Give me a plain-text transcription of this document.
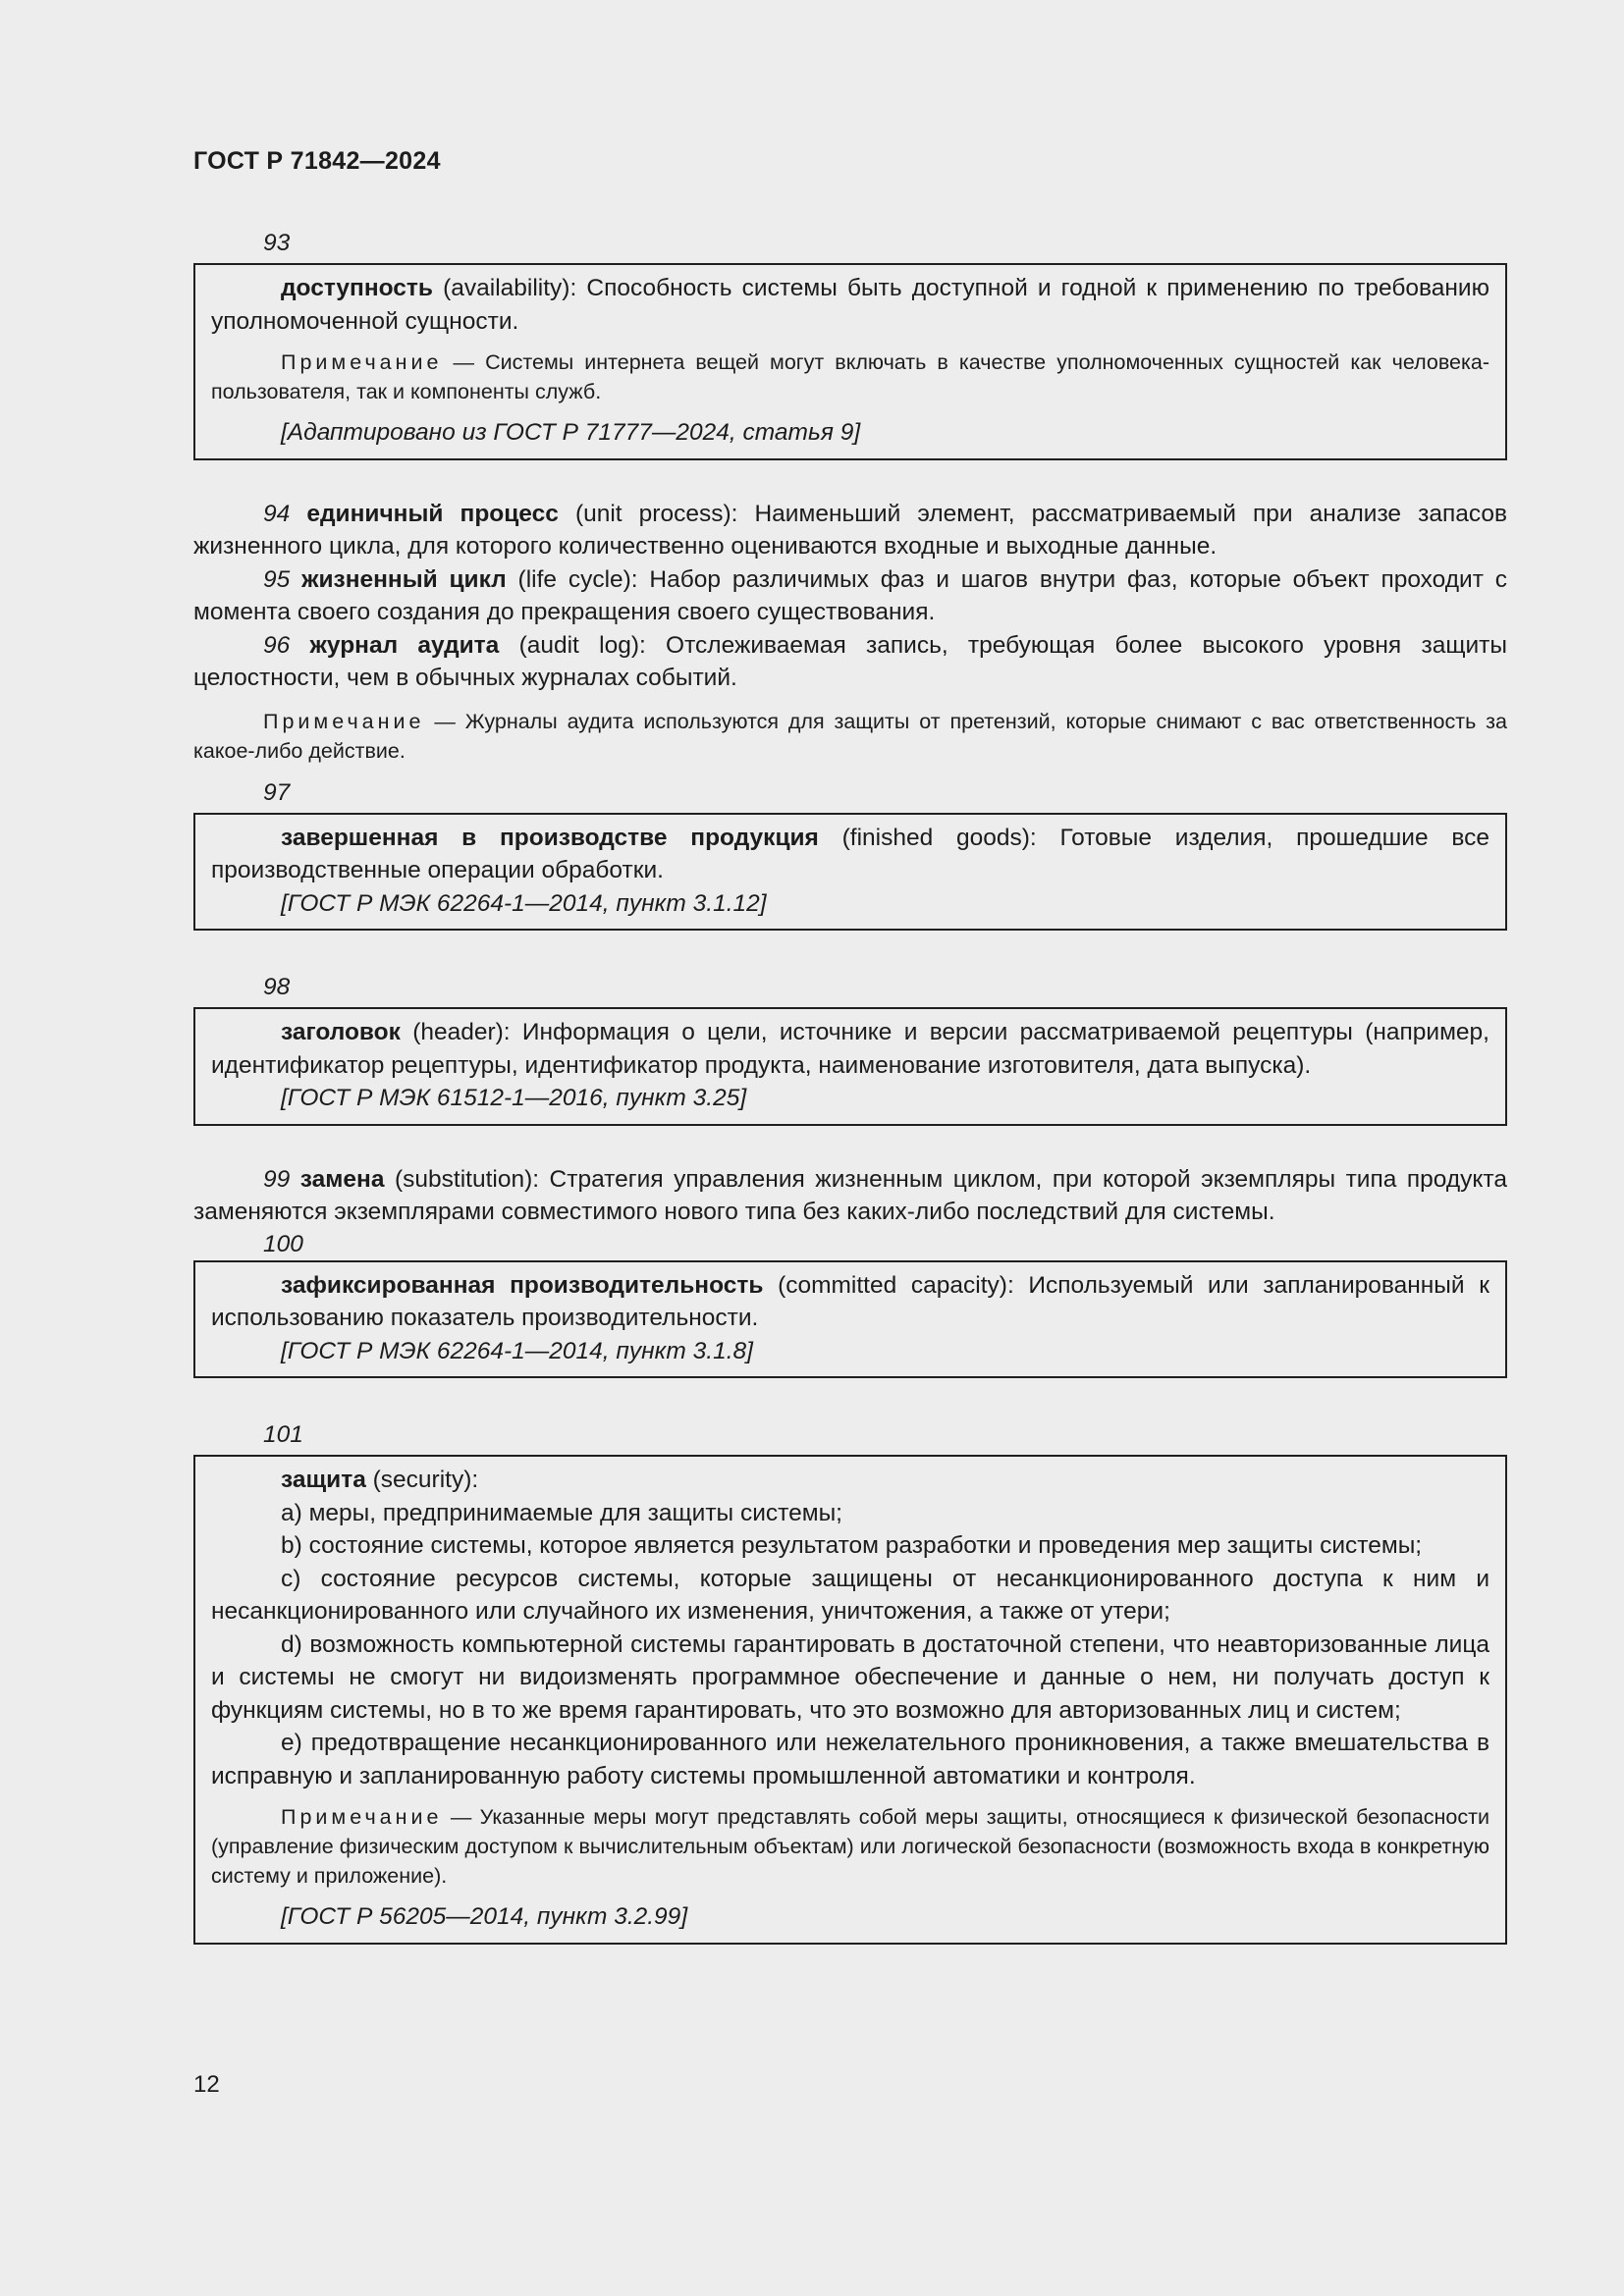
ГОСТ Р 71842—2024
93

доступность (availability): Способность системы быть доступной и годной к применению по требованию уполномоченной сущности.

Примечание — Системы интернета вещей могут включать в качестве уполномоченных сущностей как человека-пользователя, так и компоненты служб.

[Адаптировано из ГОСТ Р 71777—2024, статья 9]

94 единичный процесс (unit process): Наименьший элемент, рассматриваемый при анализе запасов жизненного цикла, для которого количественно оцениваются входные и выходные данные.

95 жизненный цикл (life cycle): Набор различимых фаз и шагов внутри фаз, которые объект проходит с момента своего создания до прекращения своего существования.

96 журнал аудита (audit log): Отслеживаемая запись, требующая более высокого уровня защиты целостности, чем в обычных журналах событий.

Примечание — Журналы аудита используются для защиты от претензий, которые снимают с вас ответственность за какое-либо действие.

97

завершенная в производстве продукция (finished goods): Готовые изделия, прошедшие все производственные операции обработки.

[ГОСТ Р МЭК 62264-1—2014, пункт 3.1.12]

98

заголовок (header): Информация о цели, источнике и версии рассматриваемой рецептуры (например, идентификатор рецептуры, идентификатор продукта, наименование изготовителя, дата выпуска).

[ГОСТ Р МЭК 61512-1—2016, пункт 3.25]

99 замена (substitution): Стратегия управления жизненным циклом, при которой экземпляры типа продукта заменяются экземплярами совместимого нового типа без каких-либо последствий для системы.

100

зафиксированная производительность (committed capacity): Используемый или запланированный к использованию показатель производительности.

[ГОСТ Р МЭК 62264-1—2014, пункт 3.1.8]

101

защита (security):

а) меры, предпринимаемые для защиты системы;

b) состояние системы, которое является результатом разработки и проведения мер защиты системы;

с) состояние ресурсов системы, которые защищены от несанкционированного доступа к ним и несанкционированного или случайного их изменения, уничтожения, а также от утери;

d) возможность компьютерной системы гарантировать в достаточной степени, что неавторизованные лица и системы не смогут ни видоизменять программное обеспечение и данные о нем, ни получать доступ к функциям системы, но в то же время гарантировать, что это возможно для авторизованных лиц и систем;

е) предотвращение несанкционированного или нежелательного проникновения, а также вмешательства в исправную и запланированную работу системы промышленной автоматики и контроля.

Примечание — Указанные меры могут представлять собой меры защиты, относящиеся к физической безопасности (управление физическим доступом к вычислительным объектам) или логической безопасности (возможность входа в конкретную систему и приложение).

[ГОСТ Р 56205—2014, пункт 3.2.99]

12
